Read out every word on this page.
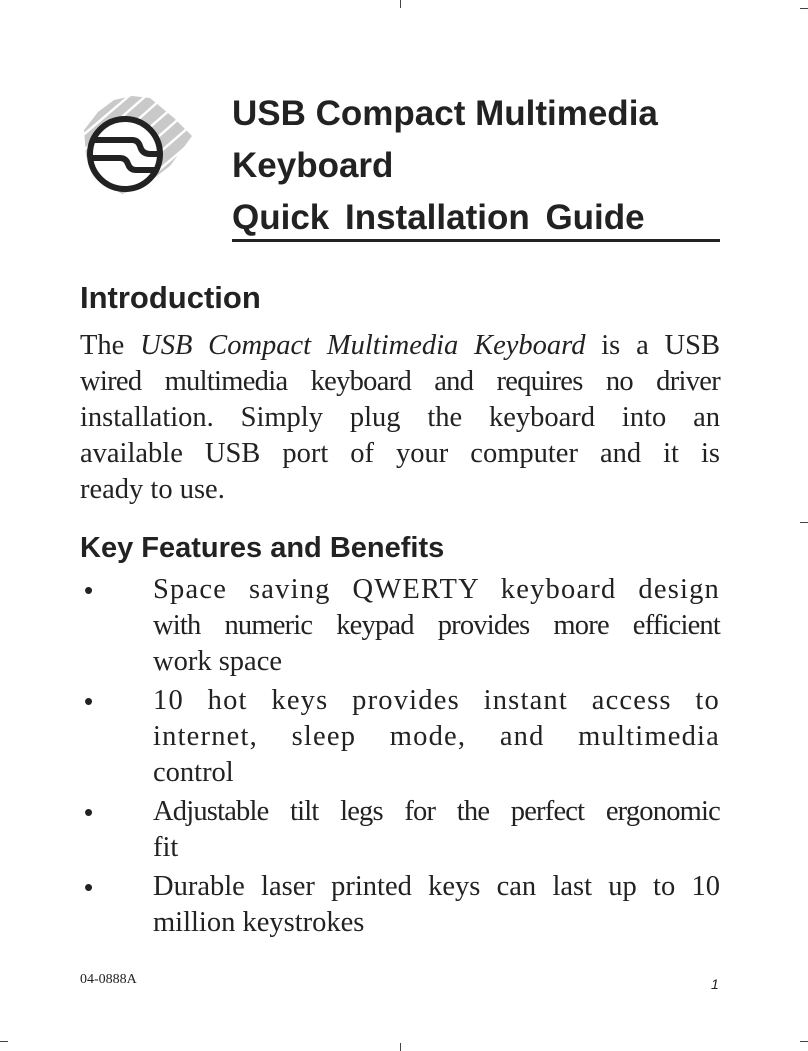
USB Compact Multimedia
Keyboard
Quick Installation Guide
Introduction
The USB Compact Multimedia Keyboard is a USB
wired multimedia keyboard and requires no driver
installation. Simply plug the keyboard into an
available USB port of your computer and it is
ready to use.
Key Features and Benefits
• Space saving QWERTY keyboard design
with numeric keypad provides more efficient
work space
• 10 hot keys provides instant access to
internet, sleep mode, and multimedia
control
• Adjustable tilt legs for the perfect ergonomic
fit
• Durable laser printed keys can last up to 10
million keystrokes
04-0888A	1
